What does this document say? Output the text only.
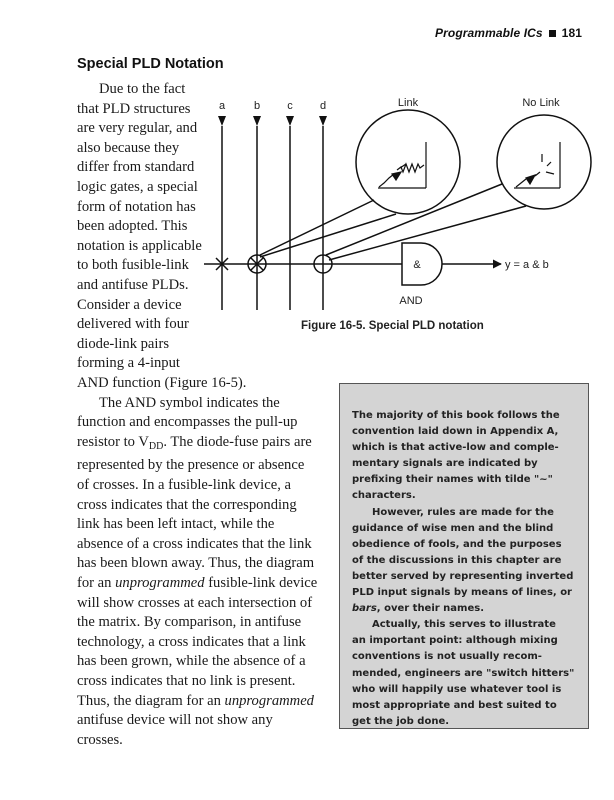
Programmable ICs 181
Special PLD Notation

Due to the fact
that PLD structures
are very regular, and
also because they
differ from standard
logic gates, a special
form of notation has
been adopted. This
notation is applicable
to both fusible-link
and antifuse PLDs.
Consider a device
delivered with four
diode-link pairs
forming a 4-input

AND function (Figure 16-5).
The AND symbol indicates the
function and encompasses the pull-up
resistor to $V_{DD}$. The diode-fuse pairs are
represented by the presence or absence
of crosses. In a fusible-link device, a
cross indicates that the corresponding
link has been left intact, while the
absence of a cross indicates that the link
has been blown away. Thus, the diagram
for an unprogrammed fusible-link device
will show crosses at each intersection of
the matrix. By comparison, in antifuse
technology, a cross indicates that a link
has been grown, while the absence of a
cross indicates that no link is present.
Thus, the diagram for an unprogrammed
antifuse device will not show any
crosses.

a	b c d	Link	No Link
&
AND
y = a & b

Figure 16-5. Special PLD notation

The majority of this book follows the
convention laid down in Appendix A,
which is that active-low and comple-
mentary signals are indicated by
prefixing their names with tilde "~"
characters.
However, rules are made for the
guidance of wise men and the blind
obedience of fools, and the purposes
of the discussions in this chapter are
better served by representing inverted
PLD input signals by means of lines, or
bars, over their names.
Actually, this serves to illustrate
an important point: although mixing
conventions is not usually recom-
mended, engineers are "switch hitters"
who will happily use whatever tool is
most appropriate and best suited to
get the job done.
